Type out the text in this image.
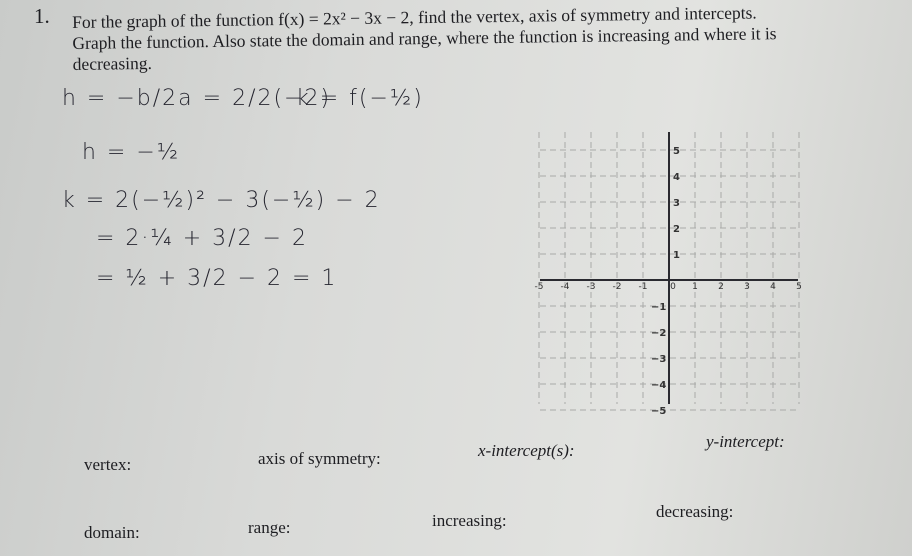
1. For the graph of the function f(x) = 2x² − 3x − 2, find the vertex, axis of symmetry and intercepts.
Graph the function. Also state the domain and range, where the function is increasing and where it is
decreasing.
h = −b/2a = 2/2(−2)
k = f(−½)
h = −½
k = 2(−½)² − 3(−½) − 2
= 2·¼ + 3/2 − 2
= ½ + 3/2 − 2 = 1	-5 -4 -3 -2 -1	0 1 2 3 4 5
5
4
3
2
1
−1
−2
−3
−4
−5
vertex:	axis of symmetry:	x-intercept(s):	y-intercept:
domain:	range:	increasing:	decreasing:
